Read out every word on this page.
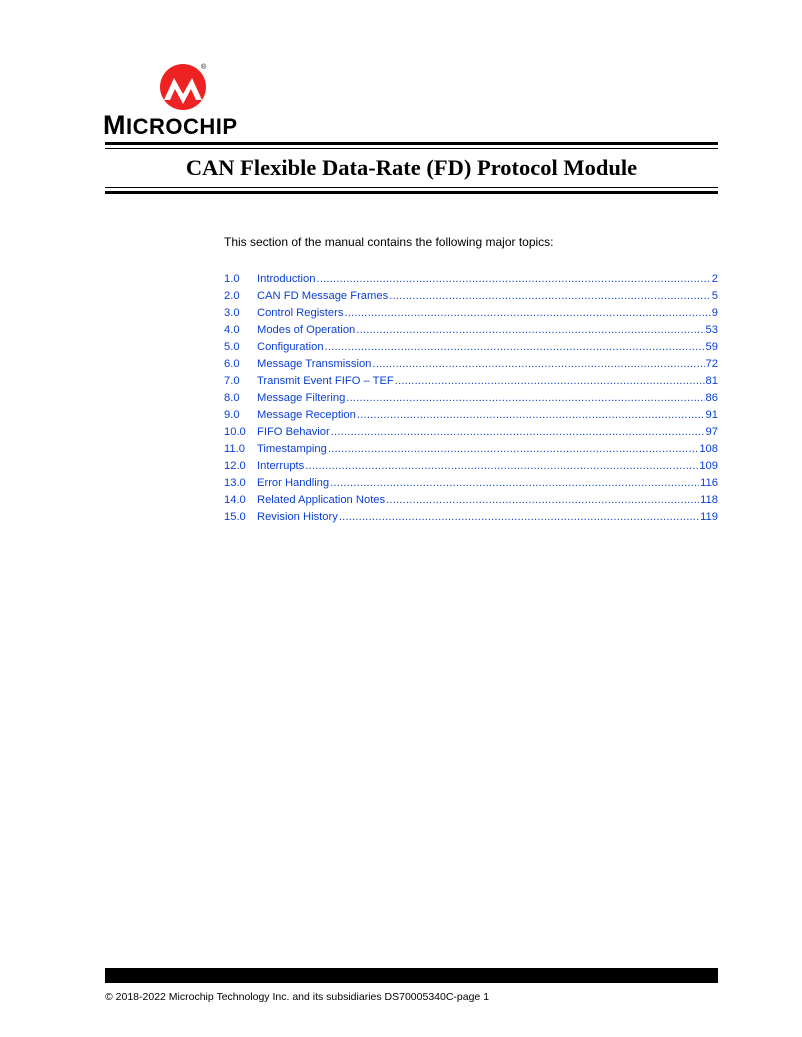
®
MICROCHIP
CAN Flexible Data-Rate (FD) Protocol Module
This section of the manual contains the following major topics:
1.0	Introduction .....	2
2.0	CAN FD Message Frames .....	5
3.0	Control Registers .....	9
4.0	Modes of Operation .....	53
5.0	Configuration .....	59
6.0	Message Transmission .....	72
7.0	Transmit Event FIFO – TEF .....	81
8.0	Message Filtering .....	86
9.0	Message Reception .....	91
10.0	FIFO Behavior .....	97
11.0	Timestamping .....	108
12.0	Interrupts .....	109
13.0	Error Handling .....	116
14.0	Related Application Notes .....	118
15.0	Revision History .....	119
© 2018-2022 Microchip Technology Inc. and its subsidiaries DS70005340C-page 1
